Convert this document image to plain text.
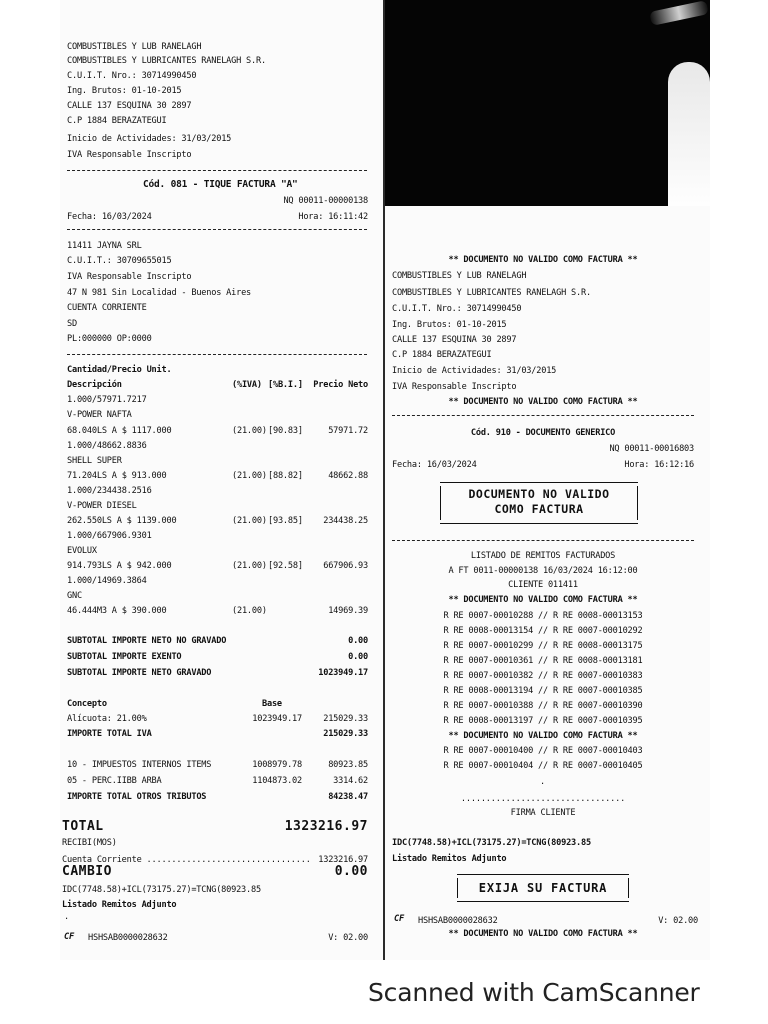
COMBUSTIBLES Y LUB RANELAGH
COMBUSTIBLES Y LUBRICANTES RANELAGH S.R.
C.U.I.T. Nro.: 30714990450
Ing. Brutos: 01-10-2015
CALLE 137 ESQUINA 30 2897
C.P 1884 BERAZATEGUI
Inicio de Actividades: 31/03/2015
IVA Responsable Inscripto
Cód. 081 - TIQUE FACTURA "A"
NQ 00011-00000138
Fecha: 16/03/2024	Hora: 16:11:42
11411 JAYNA SRL
C.U.I.T.: 30709655015
IVA Responsable Inscripto
47 N 981 Sin Localidad - Buenos Aires
CUENTA CORRIENTE
SD
PL:000000 OP:0000
Cantidad/Precio Unit.
Descripción	(%IVA) [%B.I.]	Precio Neto
1.000/57971.7217
V-POWER NAFTA
68.040LS A $ 1117.000	(21.00) [90.83]	57971.72
1.000/48662.8836
SHELL SUPER
71.204LS A $ 913.000	(21.00) [88.82]	48662.88
1.000/234438.2516
V-POWER DIESEL
262.550LS A $ 1139.000	(21.00) [93.85]	234438.25
1.000/667906.9301
EVOLUX
914.793LS A $ 942.000	(21.00) [92.58]	667906.93
1.000/14969.3864
GNC
46.444M3 A $ 390.000	(21.00)	14969.39
SUBTOTAL IMPORTE NETO NO GRAVADO	0.00
SUBTOTAL IMPORTE EXENTO	0.00
SUBTOTAL IMPORTE NETO GRAVADO	1023949.17
Concepto	Base
Alícuota: 21.00%	1023949.17	215029.33
IMPORTE TOTAL IVA	215029.33
10 - IMPUESTOS INTERNOS ITEMS	1008979.78	80923.85
05 - PERC.IIBB ARBA	1104873.02	3314.62
IMPORTE TOTAL OTROS TRIBUTOS	84238.47
TOTAL	1323216.97
RECIBI(MOS)
Cuenta Corriente ................................. 1323216.97
CAMBIO	0.00
IDC(7748.58)+ICL(73175.27)=TCNG(80923.85
Listado Remitos Adjunto
.
CF HSHSAB0000028632	V: 02.00
** DOCUMENTO NO VALIDO COMO FACTURA **
COMBUSTIBLES Y LUB RANELAGH
COMBUSTIBLES Y LUBRICANTES RANELAGH S.R.
C.U.I.T. Nro.: 30714990450
Ing. Brutos: 01-10-2015
CALLE 137 ESQUINA 30 2897
C.P 1884 BERAZATEGUI
Inicio de Actividades: 31/03/2015
IVA Responsable Inscripto
** DOCUMENTO NO VALIDO COMO FACTURA **
Cód. 910 - DOCUMENTO GENERICO
NQ 00011-00016803
Fecha: 16/03/2024	Hora: 16:12:16
DOCUMENTO NO VALIDO
COMO FACTURA
LISTADO DE REMITOS FACTURADOS
A FT 0011-00000138 16/03/2024 16:12:00
CLIENTE 011411
** DOCUMENTO NO VALIDO COMO FACTURA **
R RE 0007-00010288 // R RE 0008-00013153
R RE 0008-00013154 // R RE 0007-00010292
R RE 0007-00010299 // R RE 0008-00013175
R RE 0007-00010361 // R RE 0008-00013181
R RE 0007-00010382 // R RE 0007-00010383
R RE 0008-00013194 // R RE 0007-00010385
R RE 0007-00010388 // R RE 0007-00010390
R RE 0008-00013197 // R RE 0007-00010395
** DOCUMENTO NO VALIDO COMO FACTURA **
R RE 0007-00010400 // R RE 0007-00010403
R RE 0007-00010404 // R RE 0007-00010405
.
.................................
FIRMA CLIENTE
IDC(7748.58)+ICL(73175.27)=TCNG(80923.85
Listado Remitos Adjunto
EXIJA SU FACTURA
CF HSHSAB0000028632	V: 02.00
** DOCUMENTO NO VALIDO COMO FACTURA **
Scanned with CamScanner
